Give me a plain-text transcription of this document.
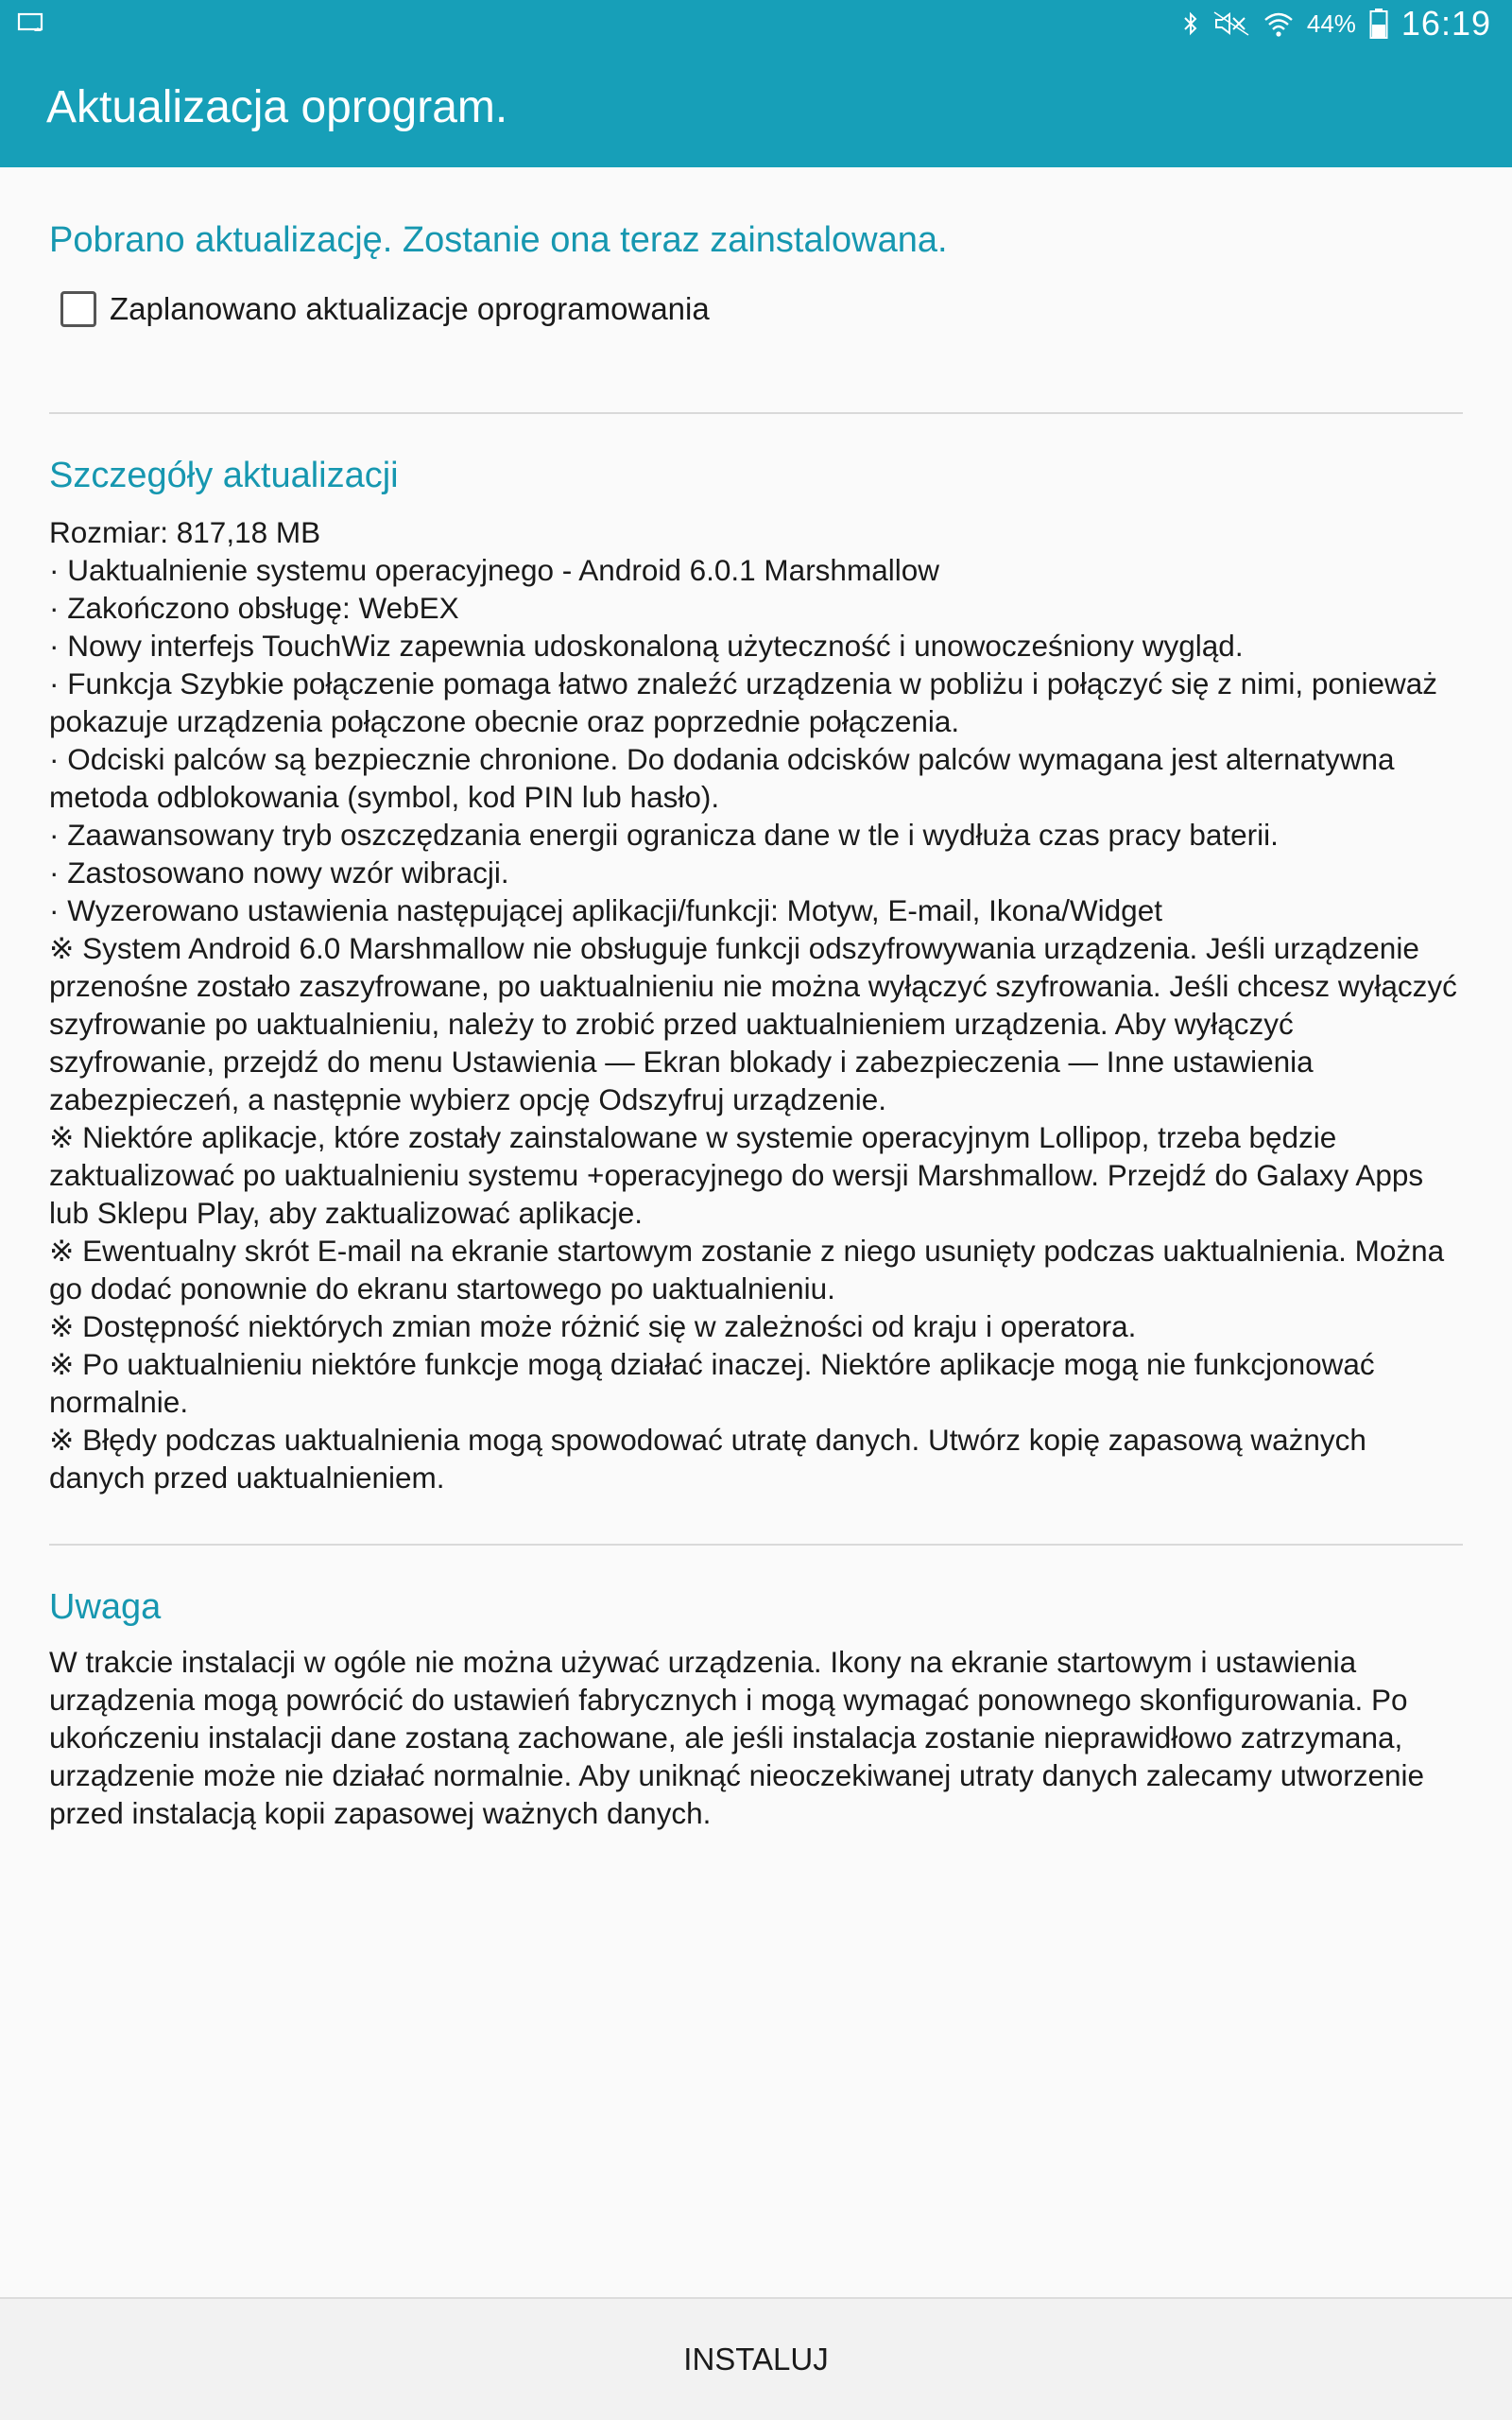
44% 16:19
Aktualizacja oprogram.
Pobrano aktualizację. Zostanie ona teraz zainstalowana.
Zaplanowano aktualizacje oprogramowania
Szczegóły aktualizacji

Rozmiar: 817,18 MB

· Uaktualnienie systemu operacyjnego - Android 6.0.1 Marshmallow

· Zakończono obsługę: WebEX

· Nowy interfejs TouchWiz zapewnia udoskonaloną użyteczność i unowocześniony wygląd.

· Funkcja Szybkie połączenie pomaga łatwo znaleźć urządzenia w pobliżu i połączyć się z nimi, ponieważ pokazuje urządzenia połączone obecnie oraz poprzednie połączenia.

· Odciski palców są bezpiecznie chronione. Do dodania odcisków palców wymagana jest alternatywna metoda odblokowania (symbol, kod PIN lub hasło).

· Zaawansowany tryb oszczędzania energii ogranicza dane w tle i wydłuża czas pracy baterii.

· Zastosowano nowy wzór wibracji.

· Wyzerowano ustawienia następującej aplikacji/funkcji: Motyw, E-mail, Ikona/Widget

※ System Android 6.0 Marshmallow nie obsługuje funkcji odszyfrowywania urządzenia. Jeśli urządzenie przenośne zostało zaszyfrowane, po uaktualnieniu nie można wyłączyć szyfrowania. Jeśli chcesz wyłączyć szyfrowanie po uaktualnieniu, należy to zrobić przed uaktualnieniem urządzenia. Aby wyłączyć szyfrowanie, przejdź do menu Ustawienia — Ekran blokady i zabezpieczenia — Inne ustawienia zabezpieczeń, a następnie wybierz opcję Odszyfruj urządzenie.

※ Niektóre aplikacje, które zostały zainstalowane w systemie operacyjnym Lollipop, trzeba będzie zaktualizować po uaktualnieniu systemu +operacyjnego do wersji Marshmallow. Przejdź do Galaxy Apps lub Sklepu Play, aby zaktualizować aplikacje.

※ Ewentualny skrót E-mail na ekranie startowym zostanie z niego usunięty podczas uaktualnienia. Można go dodać ponownie do ekranu startowego po uaktualnieniu.

※ Dostępność niektórych zmian może różnić się w zależności od kraju i operatora.

※ Po uaktualnieniu niektóre funkcje mogą działać inaczej. Niektóre aplikacje mogą nie funkcjonować normalnie.

※ Błędy podczas uaktualnienia mogą spowodować utratę danych. Utwórz kopię zapasową ważnych danych przed uaktualnieniem.

Uwaga

W trakcie instalacji w ogóle nie można używać urządzenia. Ikony na ekranie startowym i ustawienia urządzenia mogą powrócić do ustawień fabrycznych i mogą wymagać ponownego skonfigurowania. Po ukończeniu instalacji dane zostaną zachowane, ale jeśli instalacja zostanie nieprawidłowo zatrzymana, urządzenie może nie działać normalnie. Aby uniknąć nieoczekiwanej utraty danych zalecamy utworzenie przed instalacją kopii zapasowej ważnych danych.

INSTALUJ
